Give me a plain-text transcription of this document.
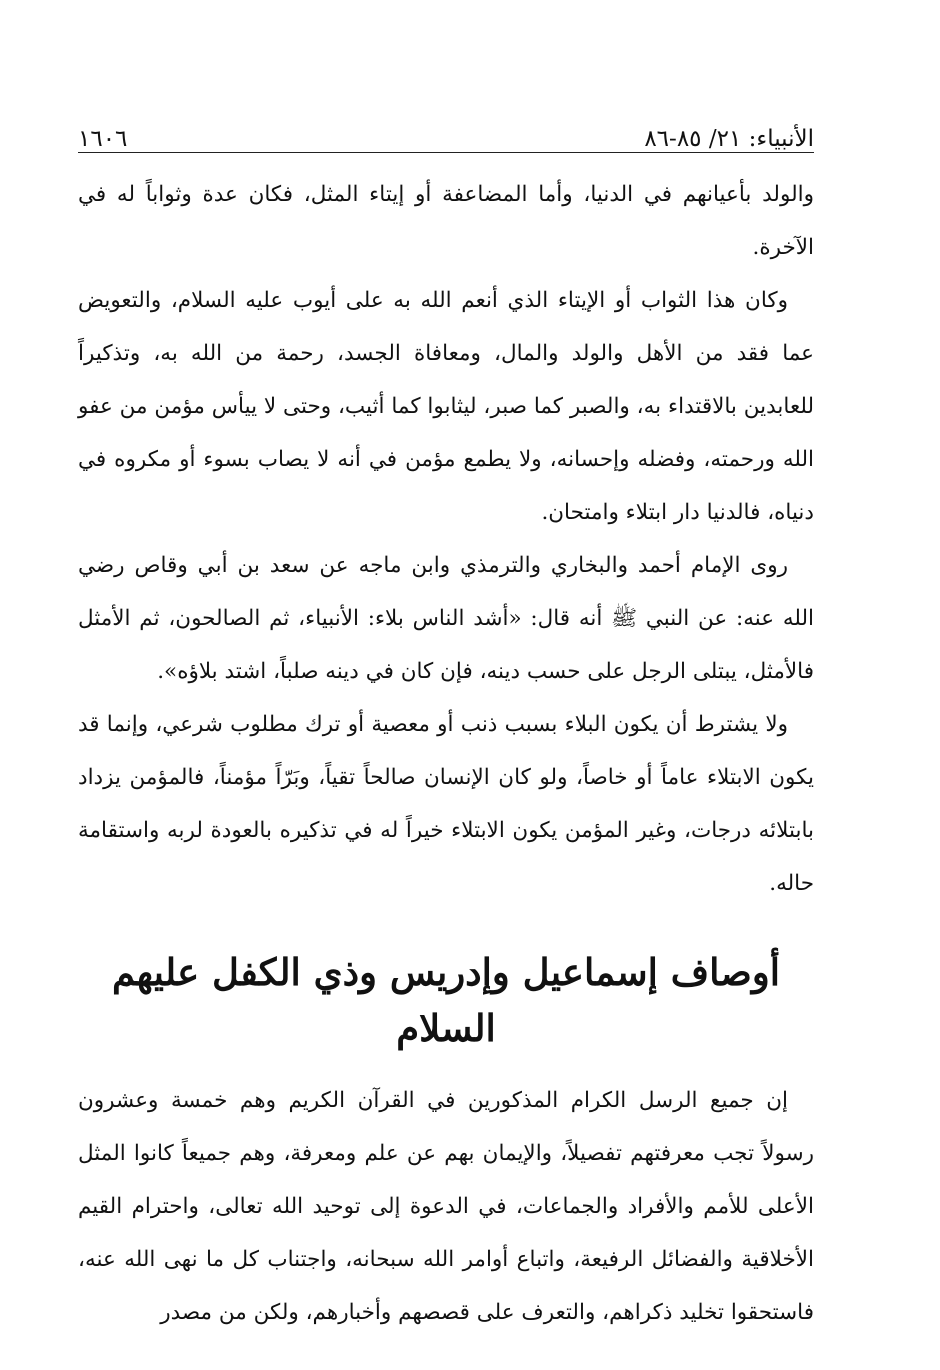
الأنبياء: ٢١/ ٨٥-٨٦
١٦٠٦

والولد بأعيانهم في الدنيا، وأما المضاعفة أو إيتاء المثل، فكان عدة وثواباً له في الآخرة.

وكان هذا الثواب أو الإيتاء الذي أنعم الله به على أيوب عليه السلام، والتعويض عما فقد من الأهل والولد والمال، ومعافاة الجسد، رحمة من الله به، وتذكيراً للعابدين بالاقتداء به، والصبر كما صبر، ليثابوا كما أثيب، وحتى لا ييأس مؤمن من عفو الله ورحمته، وفضله وإحسانه، ولا يطمع مؤمن في أنه لا يصاب بسوء أو مكروه في دنياه، فالدنيا دار ابتلاء وامتحان.

روى الإمام أحمد والبخاري والترمذي وابن ماجه عن سعد بن أبي وقاص رضي الله عنه: عن النبي ﷺ أنه قال: «أشد الناس بلاء: الأنبياء، ثم الصالحون، ثم الأمثل فالأمثل، يبتلى الرجل على حسب دينه، فإن كان في دينه صلباً، اشتد بلاؤه».

ولا يشترط أن يكون البلاء بسبب ذنب أو معصية أو ترك مطلوب شرعي، وإنما قد يكون الابتلاء عاماً أو خاصاً، ولو كان الإنسان صالحاً تقياً، وبَرّاً مؤمناً، فالمؤمن يزداد بابتلائه درجات، وغير المؤمن يكون الابتلاء خيراً له في تذكيره بالعودة لربه واستقامة حاله.

أوصاف إسماعيل وإدريس وذي الكفل عليهم السلام

إن جميع الرسل الكرام المذكورين في القرآن الكريم وهم خمسة وعشرون رسولاً تجب معرفتهم تفصيلاً، والإيمان بهم عن علم ومعرفة، وهم جميعاً كانوا المثل الأعلى للأمم والأفراد والجماعات، في الدعوة إلى توحيد الله تعالى، واحترام القيم الأخلاقية والفضائل الرفيعة، واتباع أوامر الله سبحانه، واجتناب كل ما نهى الله عنه، فاستحقوا تخليد ذكراهم، والتعرف على قصصهم وأخبارهم، ولكن من مصدر
